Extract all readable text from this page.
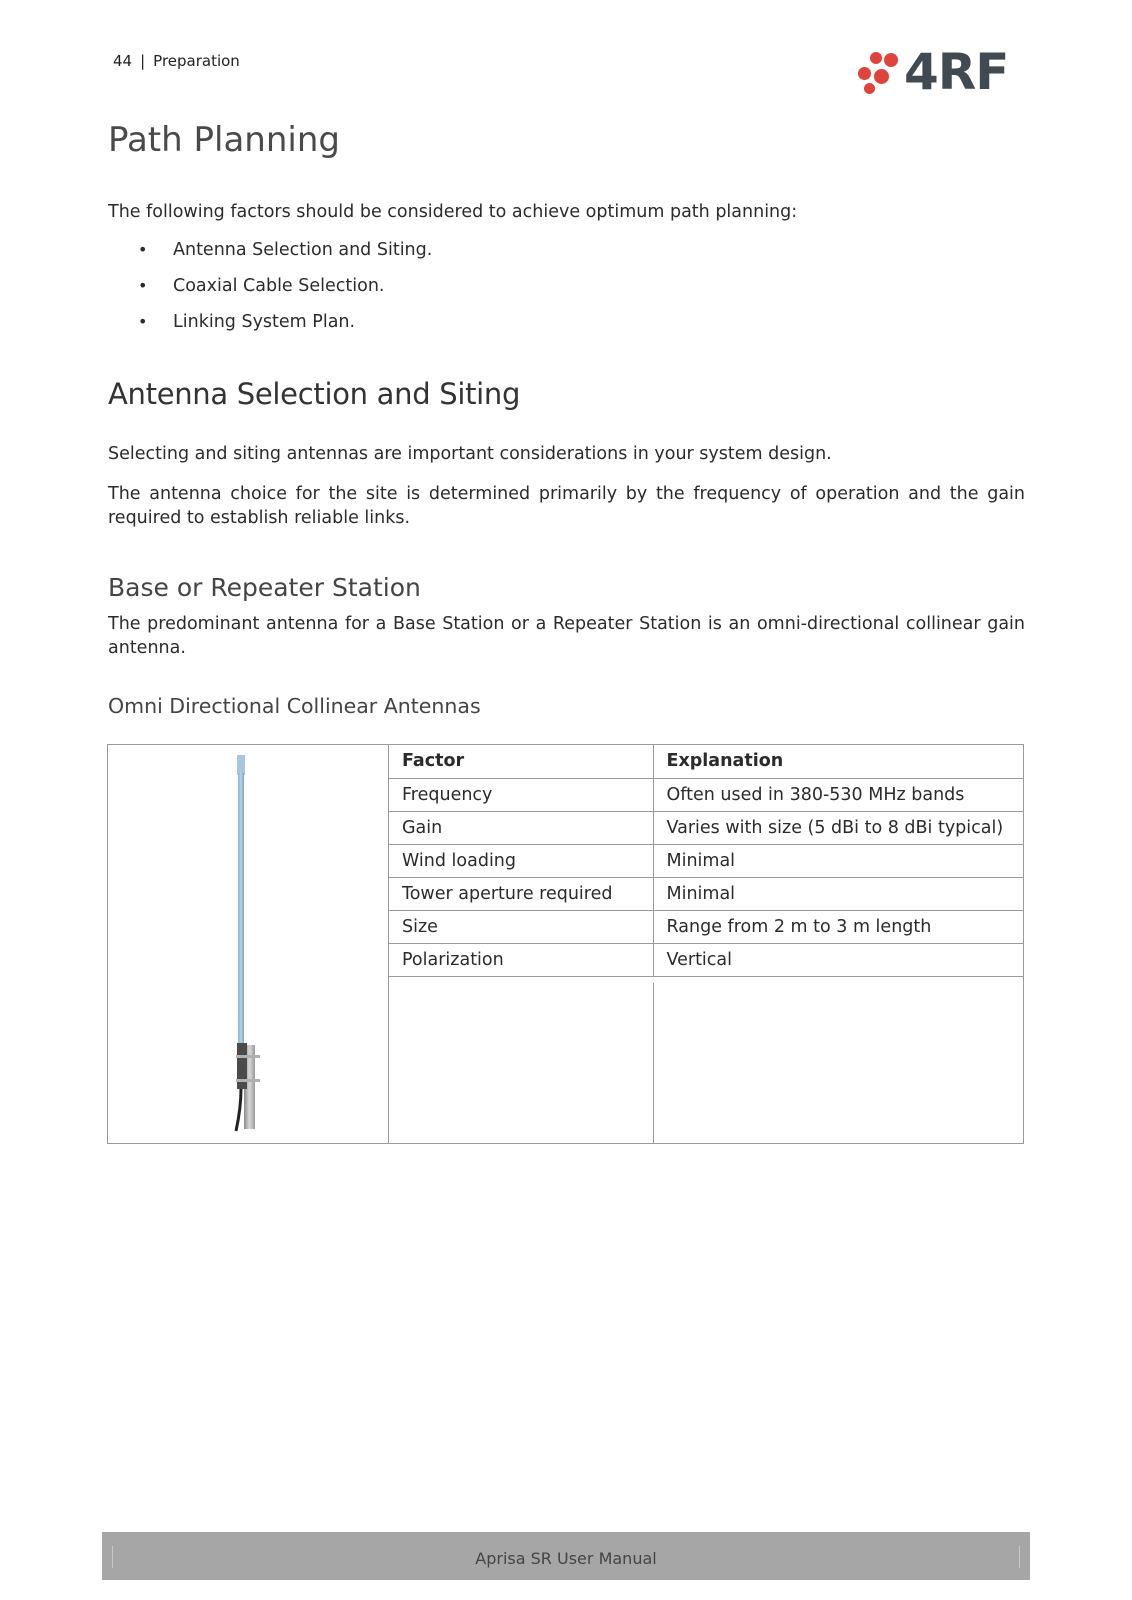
44 | Preparation	4RF
Path Planning

The following factors should be considered to achieve optimum path planning:

• Antenna Selection and Siting.
• Coaxial Cable Selection.
• Linking System Plan.
Antenna Selection and Siting

Selecting and siting antennas are important considerations in your system design.

The antenna choice for the site is determined primarily by the frequency of operation and the gain required to establish reliable links.

Base or Repeater Station

The predominant antenna for a Base Station or a Repeater Station is an omni-directional collinear gain antenna.

Omni Directional Collinear Antennas
Factor	Explanation
Frequency	Often used in 380-530 MHz bands
Gain	Varies with size (5 dBi to 8 dBi typical)
Wind loading	Minimal
Tower aperture required	Minimal
Size	Range from 2 m to 3 m length
Polarization	Vertical
Aprisa SR User Manual
